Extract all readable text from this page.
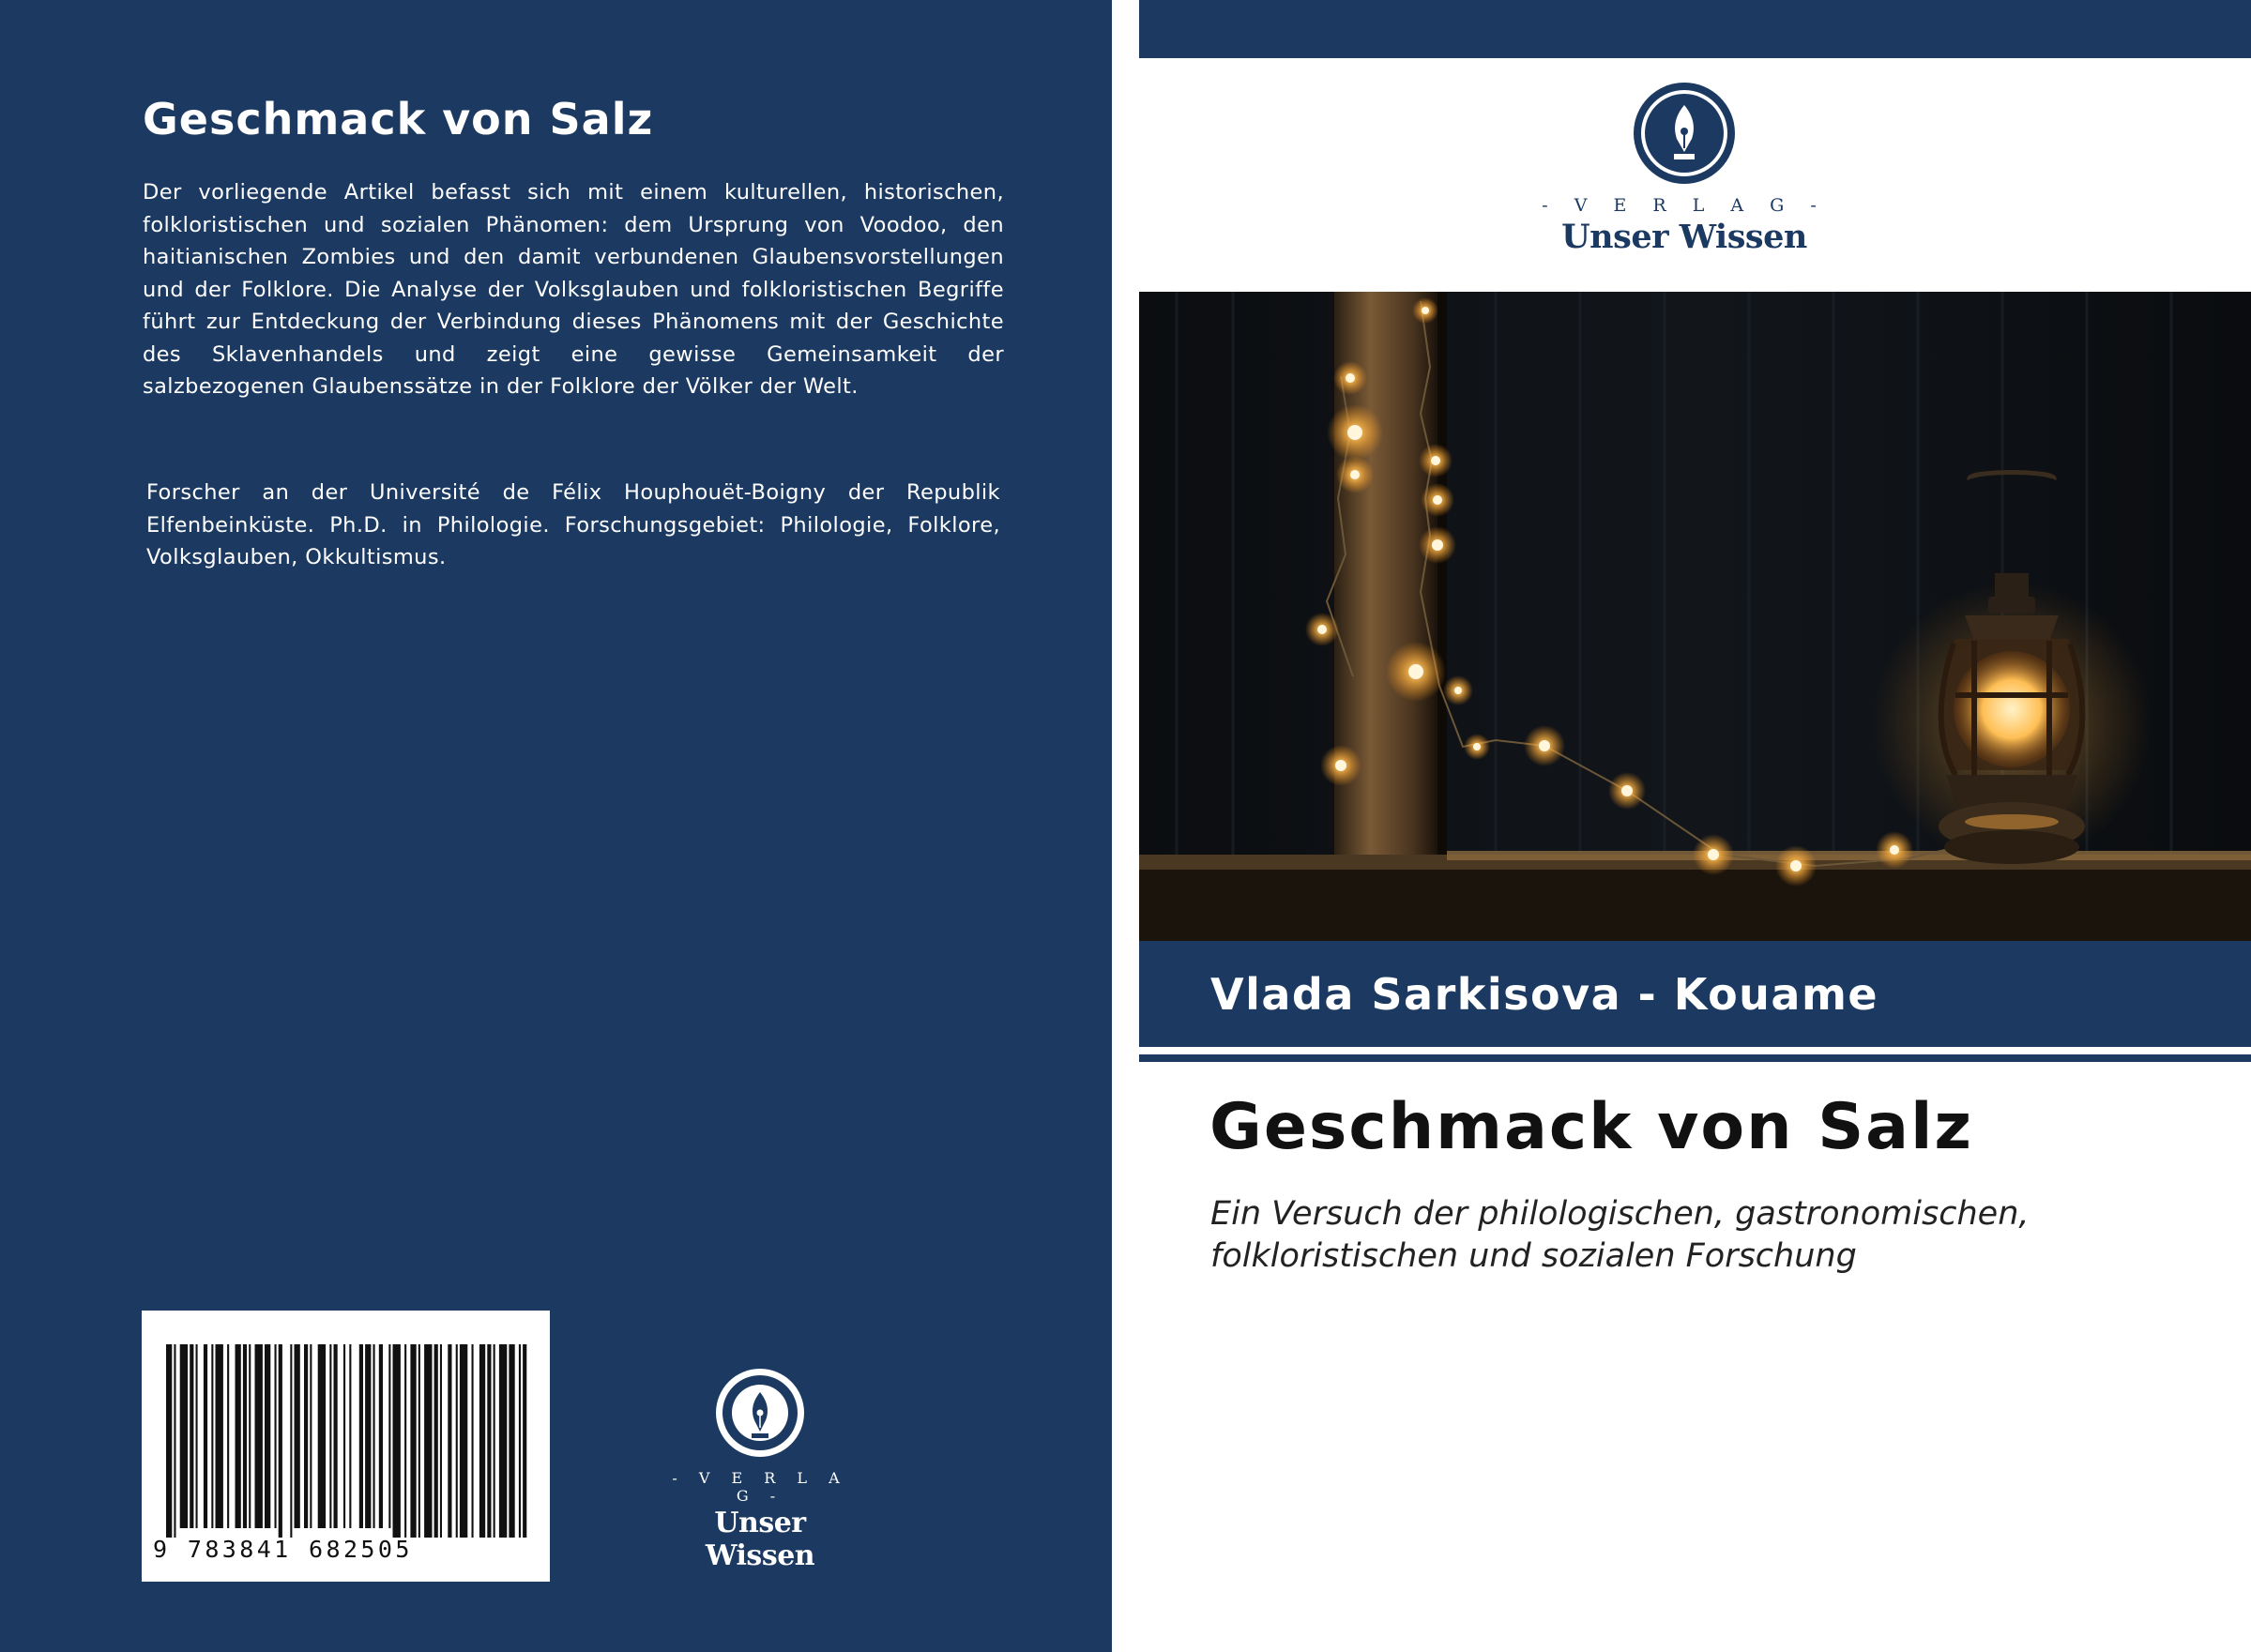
Geschmack von Salz

Der vorliegende Artikel befasst sich mit einem kulturellen, historischen, folkloristischen und sozialen Phänomen: dem Ursprung von Voodoo, den haitianischen Zombies und den damit verbundenen Glaubensvorstellungen und der Folklore. Die Analyse der Volksglauben und folkloristischen Begriffe führt zur Entdeckung der Verbindung dieses Phänomens mit der Geschichte des Sklavenhandels und zeigt eine gewisse Gemeinsamkeit der salzbezogenen Glaubenssätze in der Folklore der Völker der Welt.

Forscher an der Université de Félix Houphouët-Boigny der Republik Elfenbeinküste. Ph.D. in Philologie. Forschungsgebiet: Philologie, Folklore, Volksglauben, Okkultismus.

9 783841 682505
- V E R L A G -
Unser Wissen
- V E R L A G -
Unser Wissen
Vlada Sarkisova - Kouame
Geschmack von Salz

Ein Versuch der philologischen, gastronomischen, folkloristischen und sozialen Forschung
